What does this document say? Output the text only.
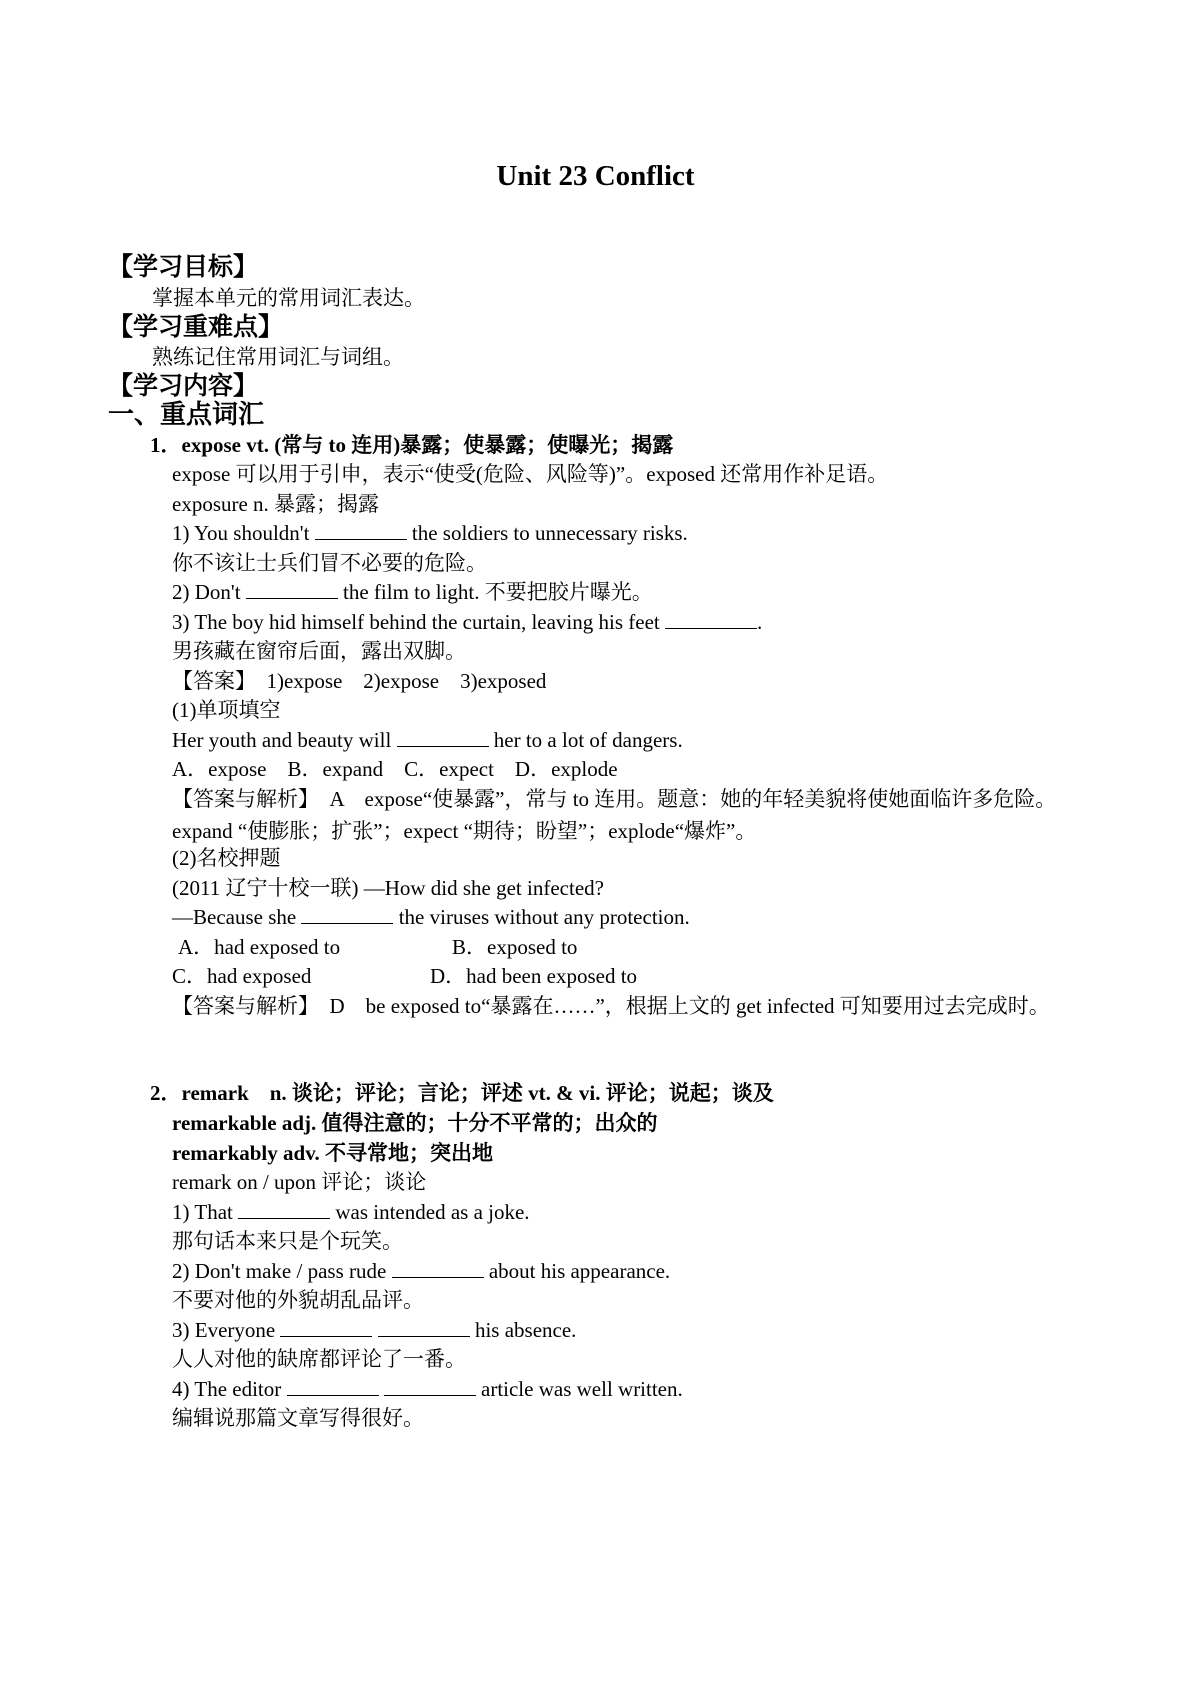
Unit 23 Conflict
【学习目标】
掌握本单元的常用词汇表达。
【学习重难点】
熟练记住常用词汇与词组。
【学习内容】
一、重点词汇
1．expose vt. (常与 to 连用)暴露；使暴露；使曝光；揭露
expose 可以用于引申，表示“使受(危险、风险等)”。exposed 还常用作补足语。
exposure n. 暴露；揭露
1) You shouldn't	the soldiers to unnecessary risks.
你不该让士兵们冒不必要的危险。
2) Don't	the film to light. 不要把胶片曝光。
3) The boy hid himself behind the curtain, leaving his feet	.
男孩藏在窗帘后面，露出双脚。
【答案】　1)expose　2)expose　3)exposed
(1)单项填空
Her youth and beauty will	her to a lot of dangers.
A．expose　B．expand　C．expect　D．explode
【答案与解析】　A　expose“使暴露”，常与 to 连用。题意：她的年轻美貌将使她面临许多危险。expand “使膨胀；扩张”；expect “期待；盼望”；explode“爆炸”。
(2)名校押题
(2011 辽宁十校一联) —How did she get infected?
—Because she	the viruses without any protection.
A．had exposed to	B．exposed to
C．had exposed	D．had been exposed to
【答案与解析】　D　be exposed to“暴露在……”，根据上文的 get infected 可知要用过去完成时。
2．remark　n. 谈论；评论；言论；评述 vt. & vi. 评论；说起；谈及
remarkable adj. 值得注意的；十分不平常的；出众的
remarkably adv. 不寻常地；突出地
remark on / upon 评论；谈论
1) That	was intended as a joke.
那句话本来只是个玩笑。
2) Don't make / pass rude	about his appearance.
不要对他的外貌胡乱品评。
3) Everyone	his absence.
人人对他的缺席都评论了一番。
4) The editor	article was well written.
编辑说那篇文章写得很好。
